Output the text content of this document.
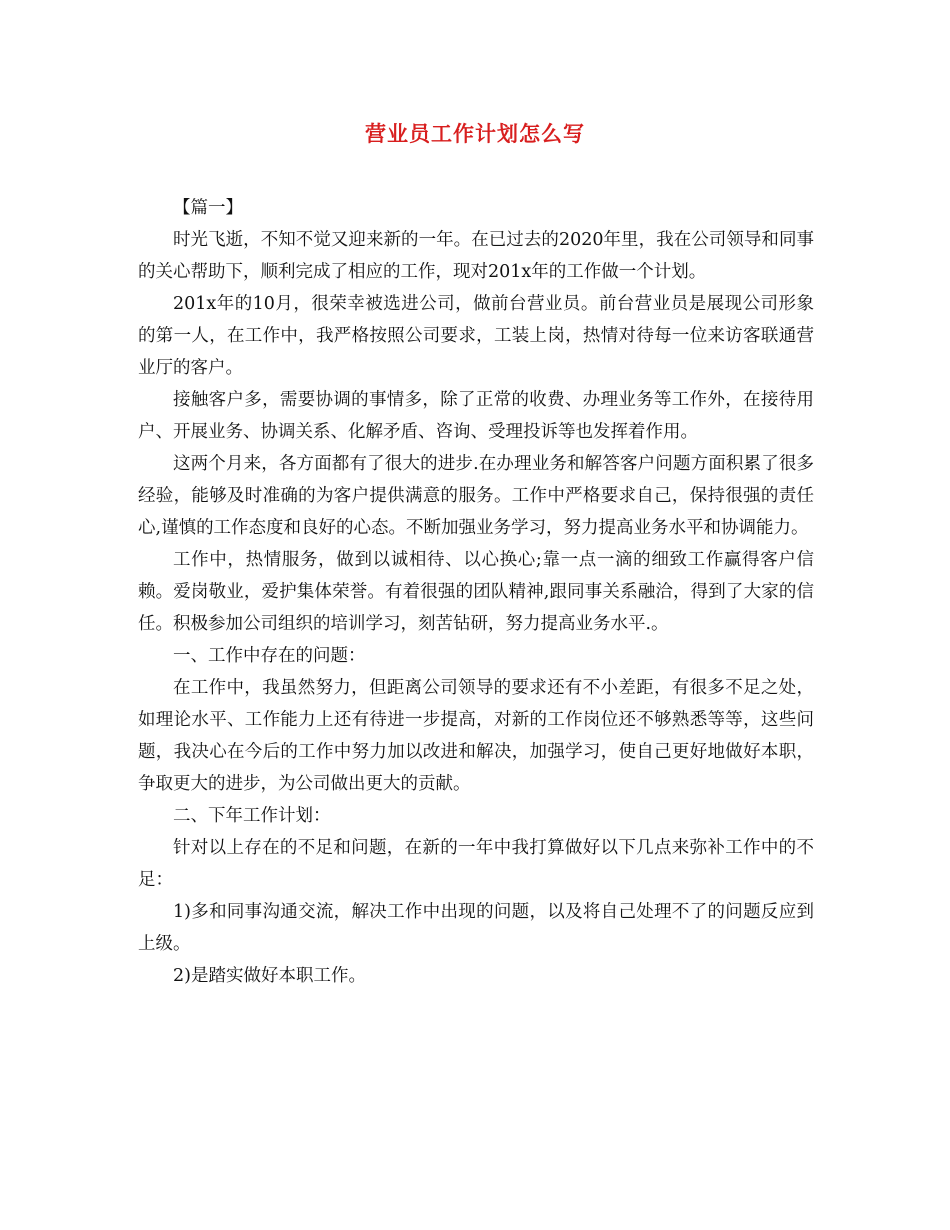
营业员工作计划怎么写

【篇一】

时光飞逝，不知不觉又迎来新的一年。在已过去的2020年里，我在公司领导和同事的关心帮助下，顺利完成了相应的工作，现对201x年的工作做一个计划。

201x年的10月，很荣幸被选进公司，做前台营业员。前台营业员是展现公司形象的第一人，在工作中，我严格按照公司要求，工装上岗，热情对待每一位来访客联通营业厅的客户。

接触客户多，需要协调的事情多，除了正常的收费、办理业务等工作外，在接待用户、开展业务、协调关系、化解矛盾、咨询、受理投诉等也发挥着作用。

这两个月来，各方面都有了很大的进步.在办理业务和解答客户问题方面积累了很多经验，能够及时准确的为客户提供满意的服务。工作中严格要求自己，保持很强的责任心,谨慎的工作态度和良好的心态。不断加强业务学习，努力提高业务水平和协调能力。

工作中，热情服务，做到以诚相待、以心换心;靠一点一滴的细致工作赢得客户信赖。爱岗敬业，爱护集体荣誉。有着很强的团队精神,跟同事关系融洽，得到了大家的信任。积极参加公司组织的培训学习，刻苦钻研，努力提高业务水平.。

一、工作中存在的问题：

在工作中，我虽然努力，但距离公司领导的要求还有不小差距，有很多不足之处，如理论水平、工作能力上还有待进一步提高，对新的工作岗位还不够熟悉等等，这些问题，我决心在今后的工作中努力加以改进和解决，加强学习，使自己更好地做好本职，争取更大的进步，为公司做出更大的贡献。

二、下年工作计划：

针对以上存在的不足和问题，在新的一年中我打算做好以下几点来弥补工作中的不足：

1)多和同事沟通交流，解决工作中出现的问题，以及将自己处理不了的问题反应到上级。

2)是踏实做好本职工作。
